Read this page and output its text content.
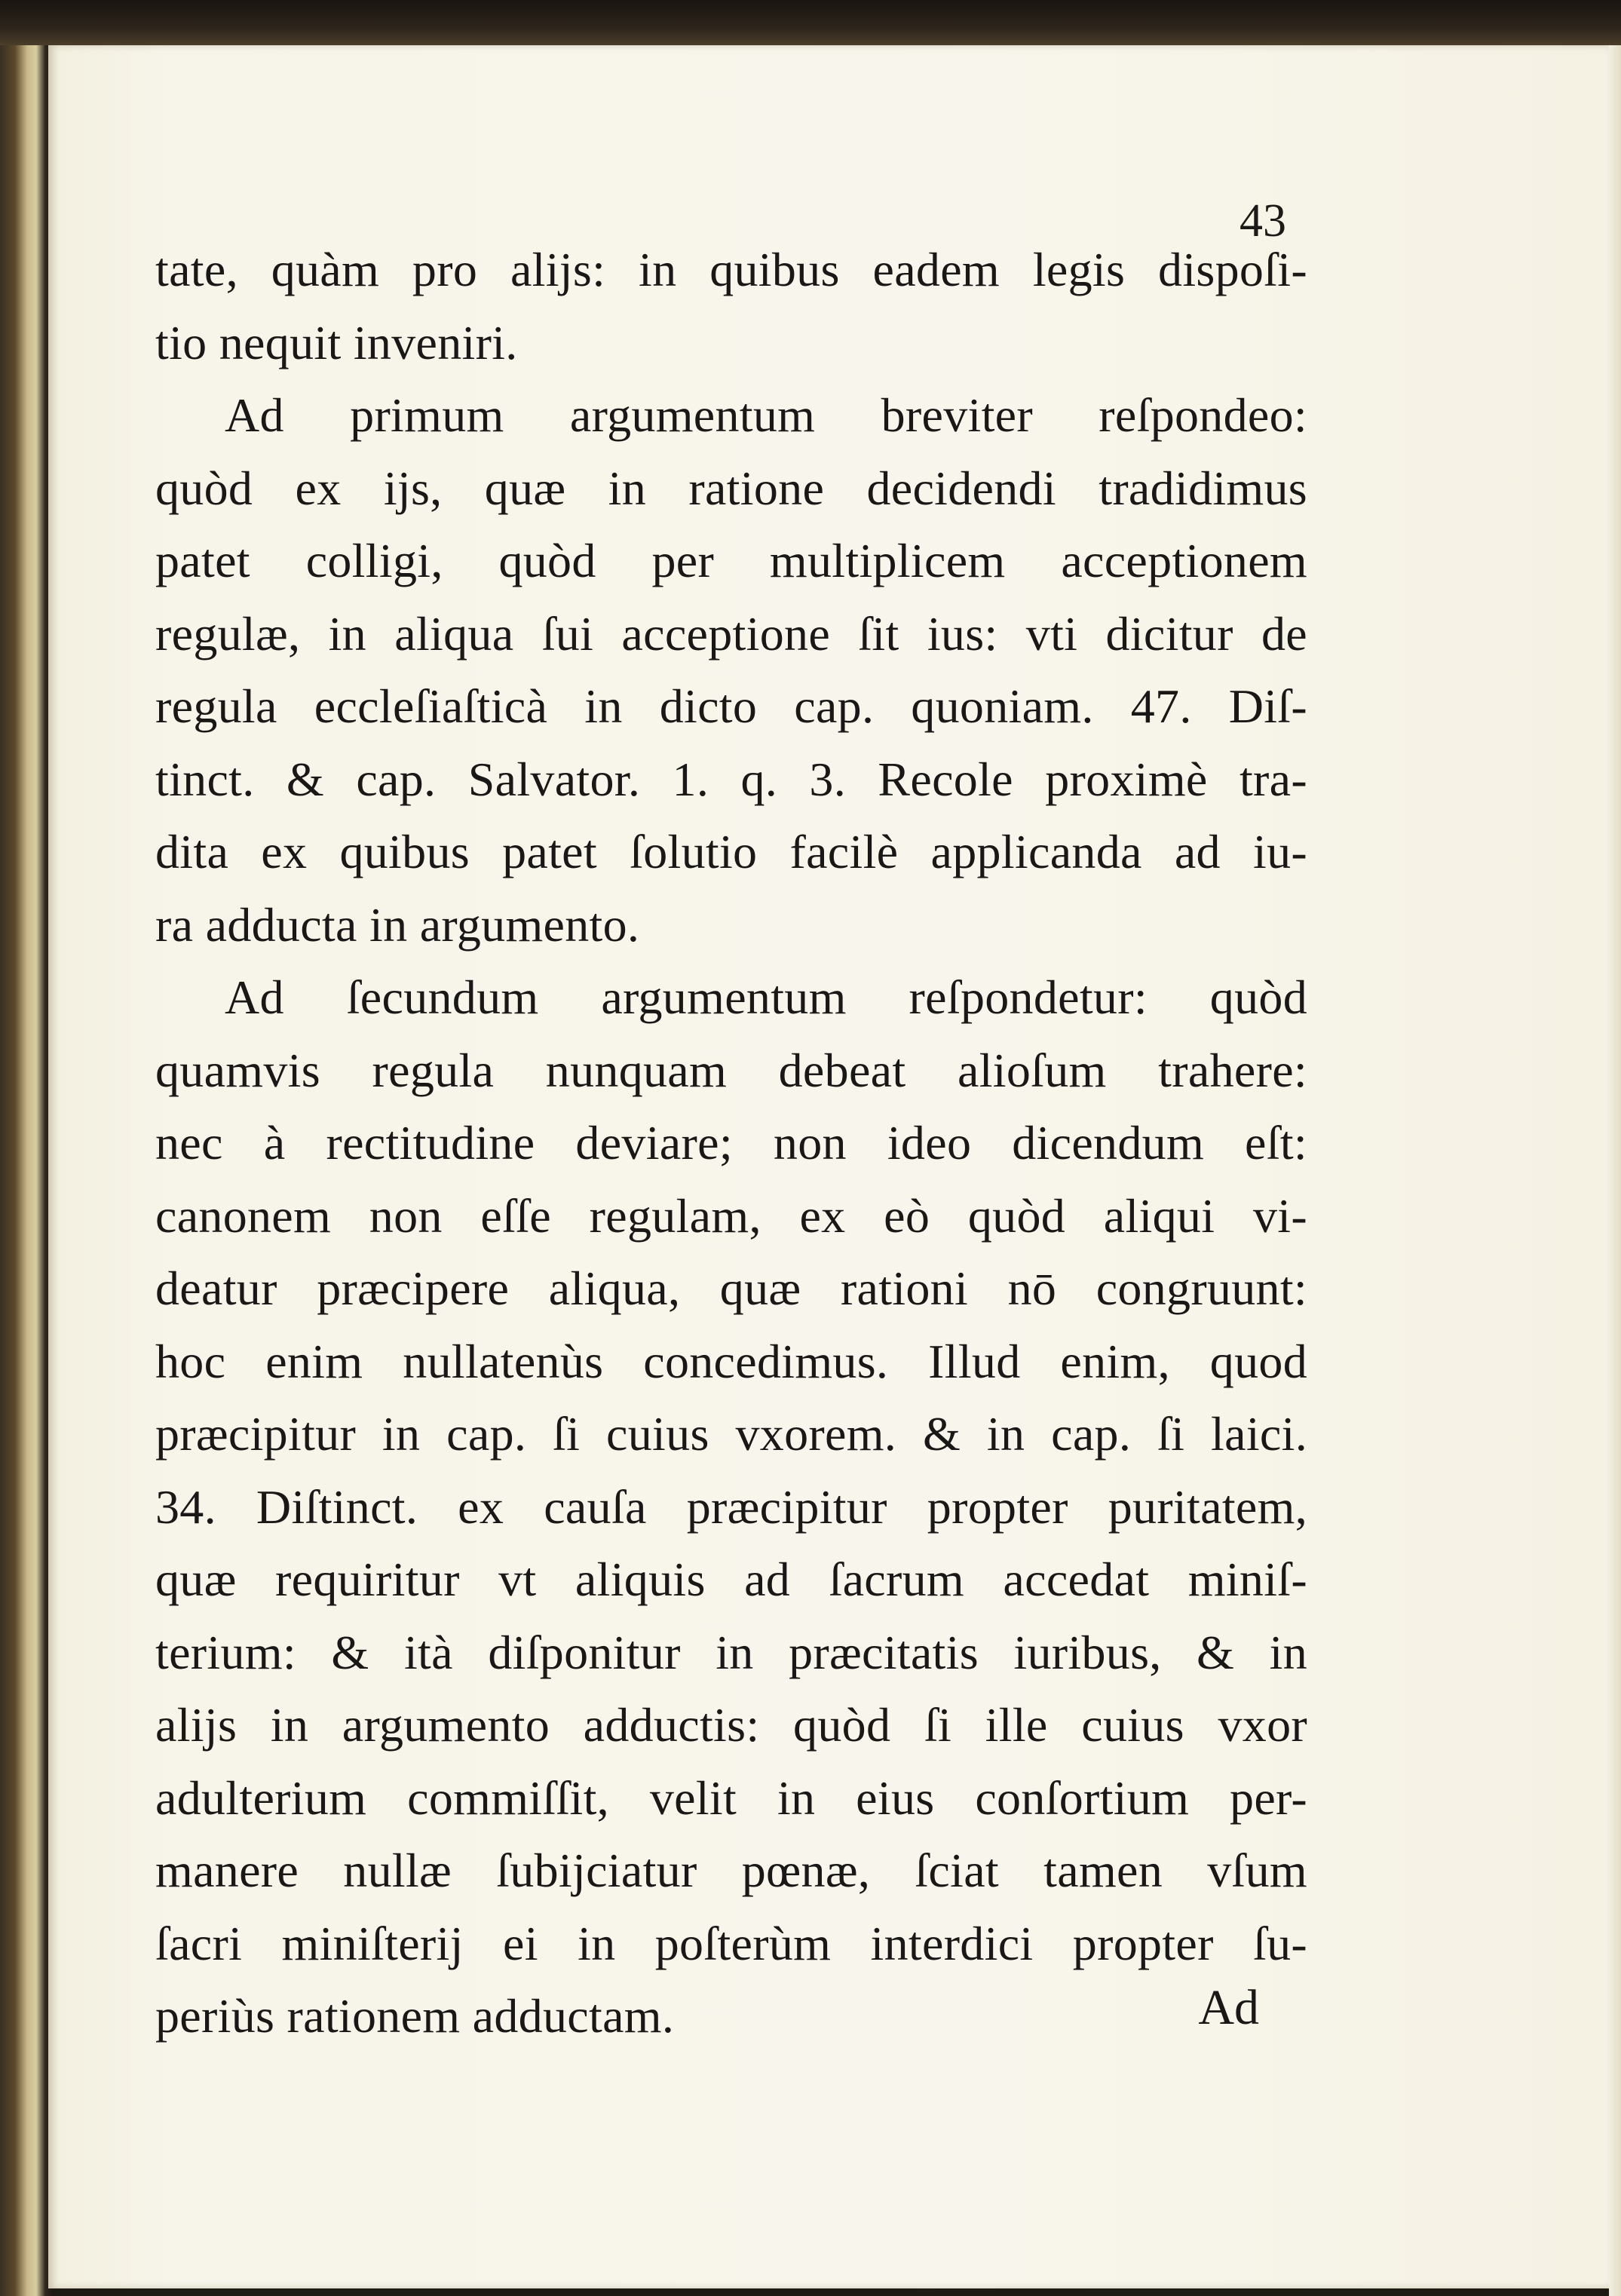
43
tate, quàm pro alijs: in quibus eadem legis dispoſi-
tio nequit inveniri.
Ad primum argumentum breviter reſpondeo:
quòd ex ijs, quæ in ratione decidendi tradidimus
patet colligi, quòd per multiplicem acceptionem
regulæ, in aliqua ſui acceptione ſit ius: vti dicitur de
regula eccleſiaſticà in dicto cap. quoniam. 47. Diſ-
tinct. & cap. Salvator. 1. q. 3. Recole proximè tra-
dita ex quibus patet ſolutio facilè applicanda ad iu-
ra adducta in argumento.
Ad ſecundum argumentum reſpondetur: quòd
quamvis regula nunquam debeat alioſum trahere:
nec à rectitudine deviare; non ideo dicendum eſt:
canonem non eſſe regulam, ex eò quòd aliqui vi-
deatur præcipere aliqua, quæ rationi nō congruunt:
hoc enim nullatenùs concedimus. Illud enim, quod
præcipitur in cap. ſi cuius vxorem. & in cap. ſi laici.
34. Diſtinct. ex cauſa præcipitur propter puritatem,
quæ requiritur vt aliquis ad ſacrum accedat miniſ-
terium: & ità diſponitur in præcitatis iuribus, & in
alijs in argumento adductis: quòd ſi ille cuius vxor
adulterium commiſſit, velit in eius conſortium per-
manere nullæ ſubijciatur pœnæ, ſciat tamen vſum
ſacri miniſterij ei in poſterùm interdici propter ſu-
periùs rationem adductam.	Ad
